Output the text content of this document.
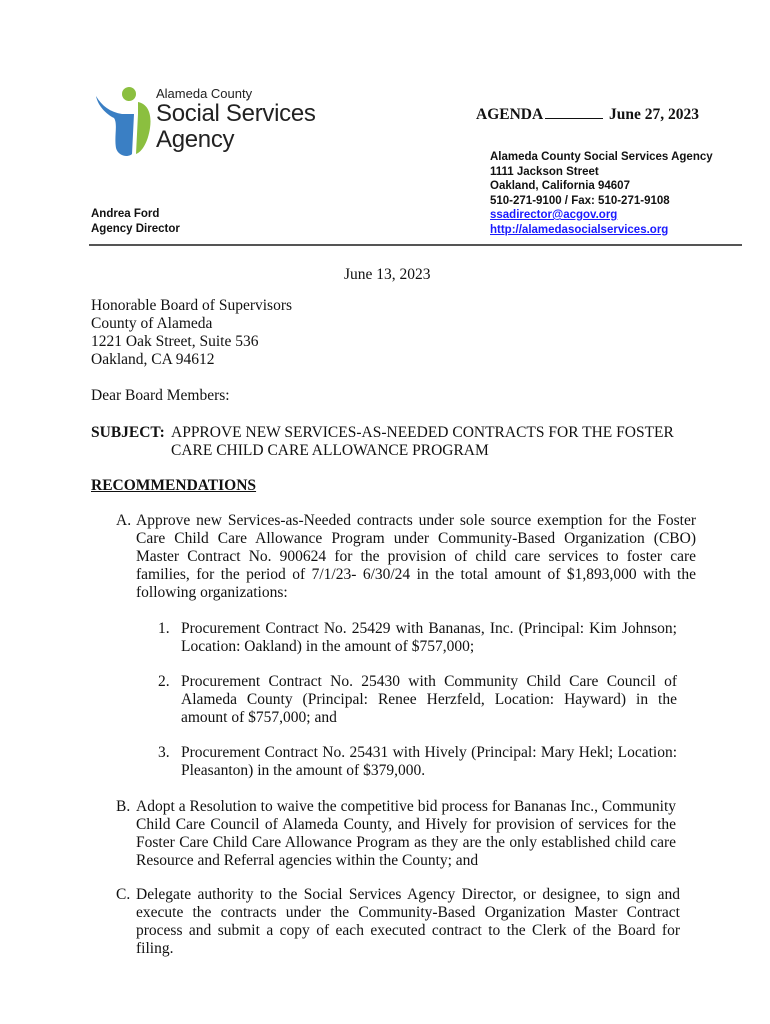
Alameda County
Social Services
Agency
AGENDA	June 27, 2023
Alameda County Social Services Agency
1111 Jackson Street
Oakland, California 94607
510-271-9100 / Fax: 510-271-9108
ssadirector@acgov.org
http://alamedasocialservices.org
Andrea Ford
Agency Director
June 13, 2023
Honorable Board of Supervisors
County of Alameda
1221 Oak Street, Suite 536
Oakland, CA 94612
Dear Board Members:
SUBJECT: APPROVE NEW SERVICES-AS-NEEDED CONTRACTS FOR THE FOSTER CARE CHILD CARE ALLOWANCE PROGRAM
RECOMMENDATIONS
A. Approve new Services-as-Needed contracts under sole source exemption for the Foster Care Child Care Allowance Program under Community-Based Organization (CBO) Master Contract No. 900624 for the provision of child care services to foster care families, for the period of 7/1/23- 6/30/24 in the total amount of $1,893,000 with the following organizations:
1. Procurement Contract No. 25429 with Bananas, Inc. (Principal: Kim Johnson; Location: Oakland) in the amount of $757,000;
2. Procurement Contract No. 25430 with Community Child Care Council of Alameda County (Principal: Renee Herzfeld, Location: Hayward) in the amount of $757,000; and
3. Procurement Contract No. 25431 with Hively (Principal: Mary Hekl; Location: Pleasanton) in the amount of $379,000.
B. Adopt a Resolution to waive the competitive bid process for Bananas Inc., Community Child Care Council of Alameda County, and Hively for provision of services for the Foster Care Child Care Allowance Program as they are the only established child care Resource and Referral agencies within the County; and
C. Delegate authority to the Social Services Agency Director, or designee, to sign and execute the contracts under the Community-Based Organization Master Contract process and submit a copy of each executed contract to the Clerk of the Board for filing.
